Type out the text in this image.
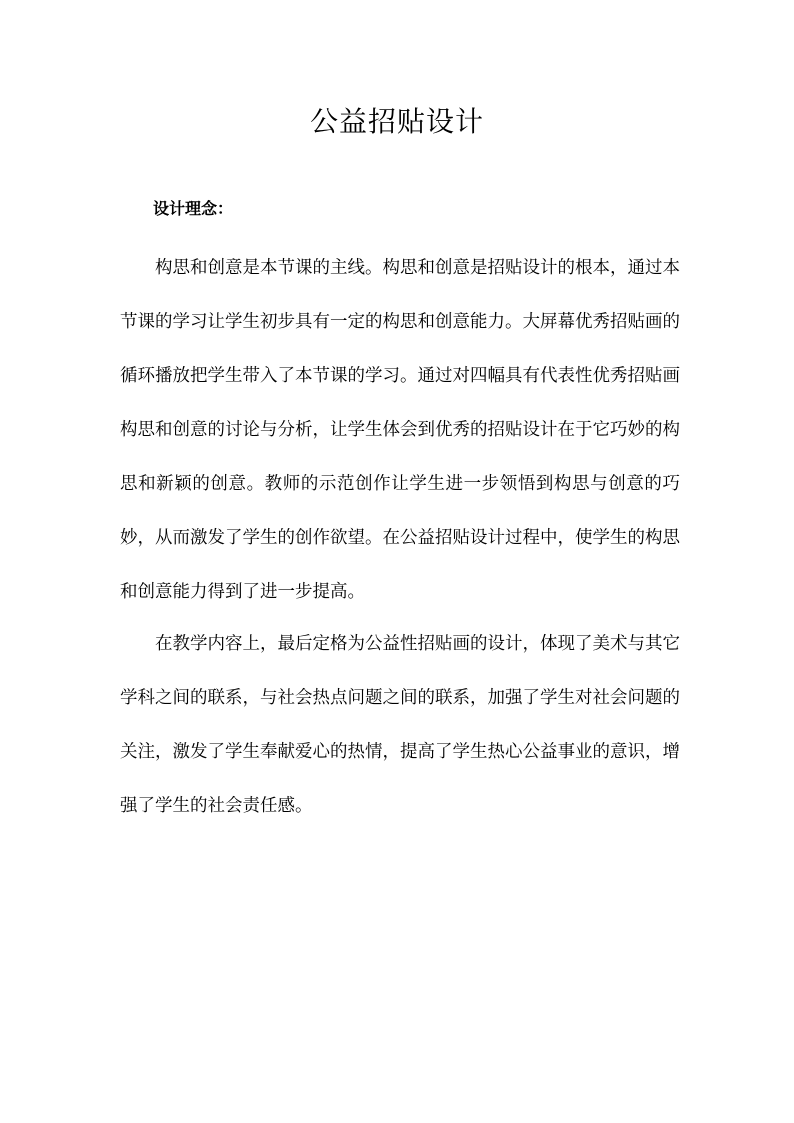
公益招贴设计
设计理念：

构思和创意是本节课的主线。构思和创意是招贴设计的根本，通过本节课的学习让学生初步具有一定的构思和创意能力。大屏幕优秀招贴画的循环播放把学生带入了本节课的学习。通过对四幅具有代表性优秀招贴画构思和创意的讨论与分析，让学生体会到优秀的招贴设计在于它巧妙的构思和新颖的创意。教师的示范创作让学生进一步领悟到构思与创意的巧妙，从而激发了学生的创作欲望。在公益招贴设计过程中，使学生的构思和创意能力得到了进一步提高。

在教学内容上，最后定格为公益性招贴画的设计，体现了美术与其它学科之间的联系，与社会热点问题之间的联系，加强了学生对社会问题的关注，激发了学生奉献爱心的热情，提高了学生热心公益事业的意识，增强了学生的社会责任感。
